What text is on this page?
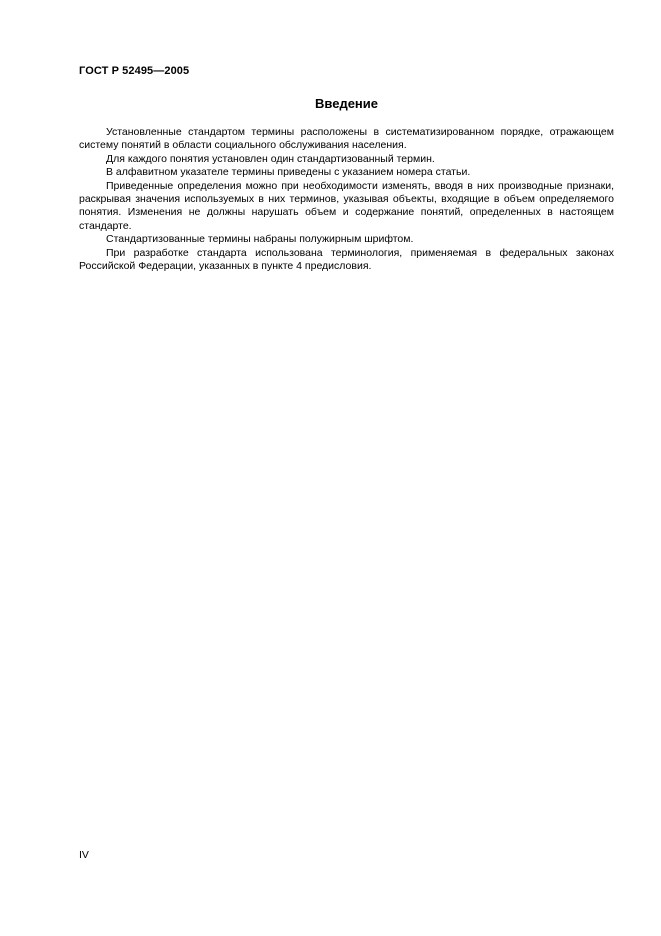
ГОСТ Р 52495—2005
Введение

Установленные стандартом термины расположены в систематизированном порядке, отражающем систему понятий в области социального обслуживания населения.

Для каждого понятия установлен один стандартизованный термин.

В алфавитном указателе термины приведены с указанием номера статьи.

Приведенные определения можно при необходимости изменять, вводя в них производные признаки, раскрывая значения используемых в них терминов, указывая объекты, входящие в объем определяемого понятия. Изменения не должны нарушать объем и содержание понятий, определенных в настоящем стандарте.

Стандартизованные термины набраны полужирным шрифтом.

При разработке стандарта использована терминология, применяемая в федеральных законах Российской Федерации, указанных в пункте 4 предисловия.

IV
